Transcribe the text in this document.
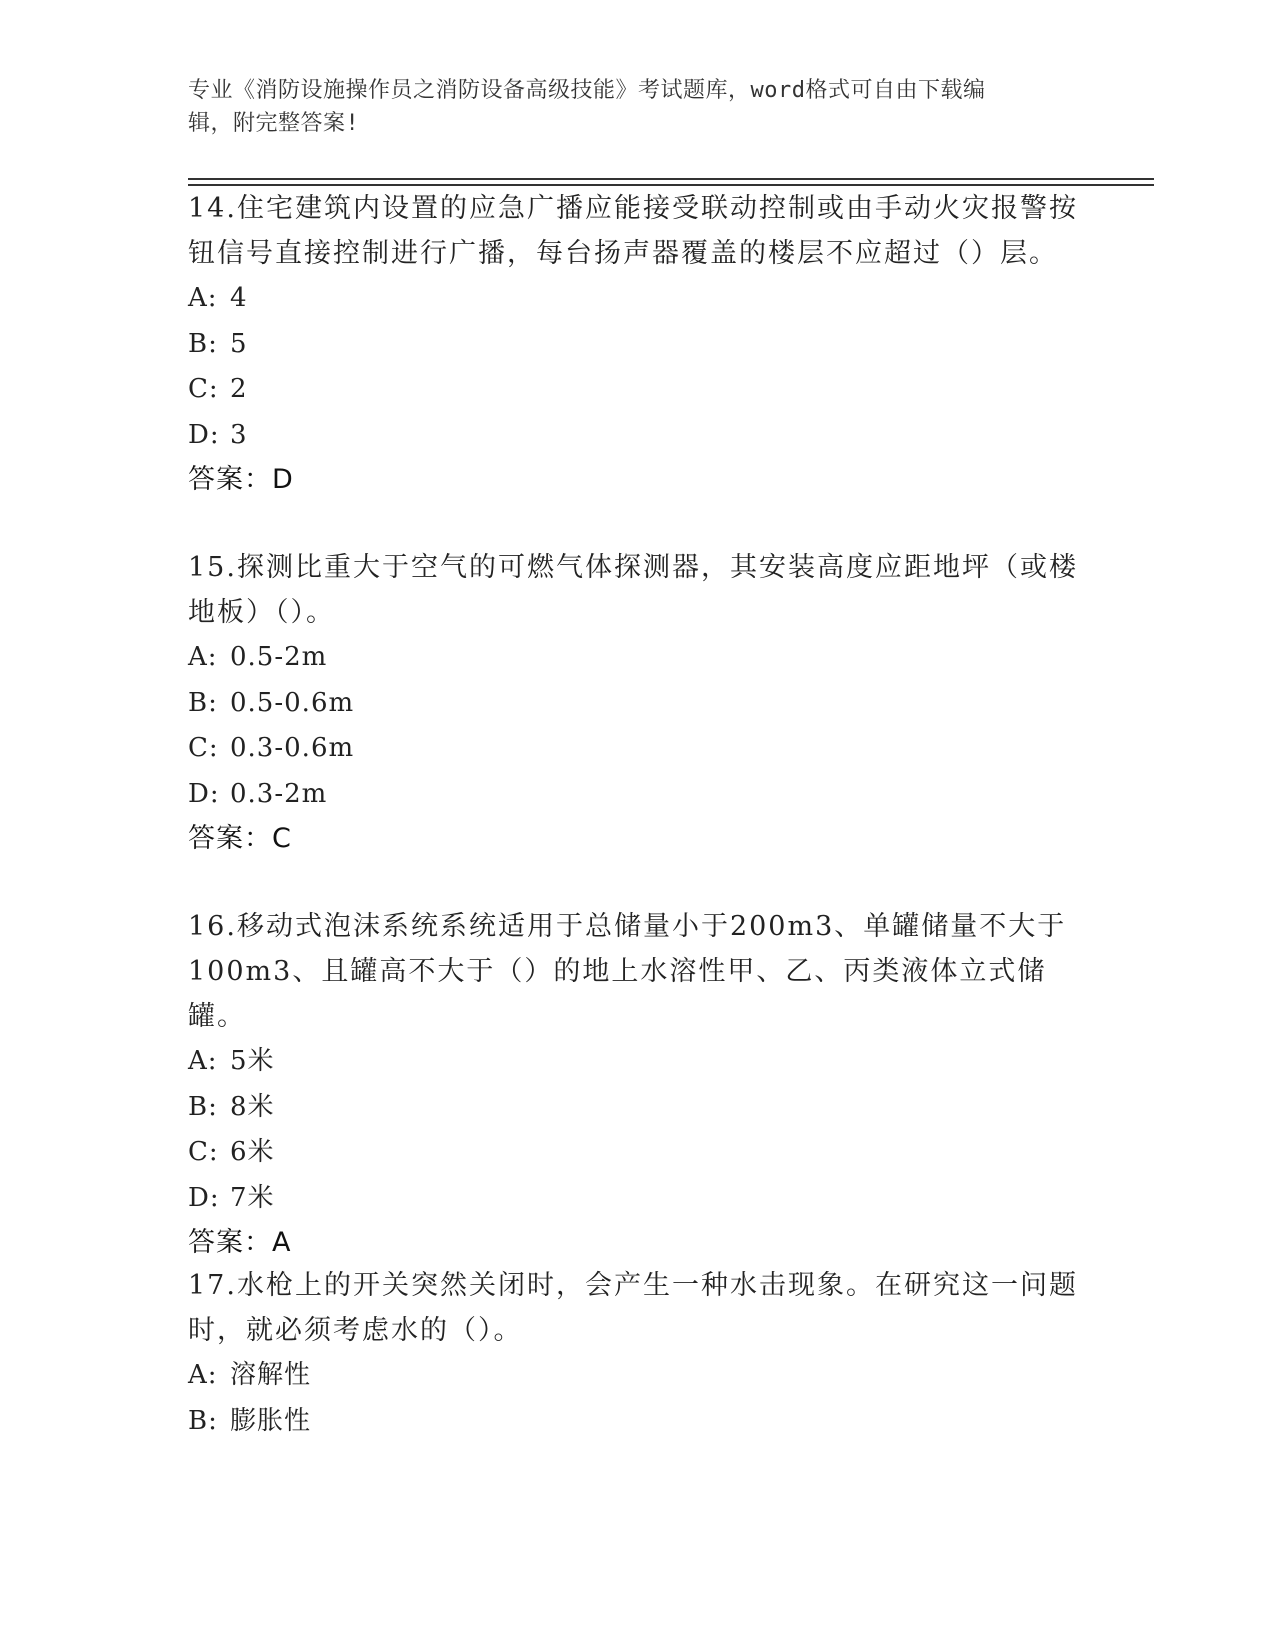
专业《消防设施操作员之消防设备高级技能》考试题库，word格式可自由下载编
辑，附完整答案!

14.住宅建筑内设置的应急广播应能接受联动控制或由手动火灾报警按

钮信号直接控制进行广播，每台扬声器覆盖的楼层不应超过（）层。

A: 4
B: 5
C: 2
D: 3
答案：D

15.探测比重大于空气的可燃气体探测器，其安装高度应距地坪（或楼

地板）（）。

A: 0.5-2m
B: 0.5-0.6m
C: 0.3-0.6m
D: 0.3-2m
答案：C

16.移动式泡沫系统系统适用于总储量小于200m3、单罐储量不大于

100m3、且罐高不大于（）的地上水溶性甲、乙、丙类液体立式储罐。

A: 5米
B: 8米
C: 6米
D: 7米
答案：A

17.水枪上的开关突然关闭时，会产生一种水击现象。在研究这一问题

时，就必须考虑水的（）。

A: 溶解性
B: 膨胀性
